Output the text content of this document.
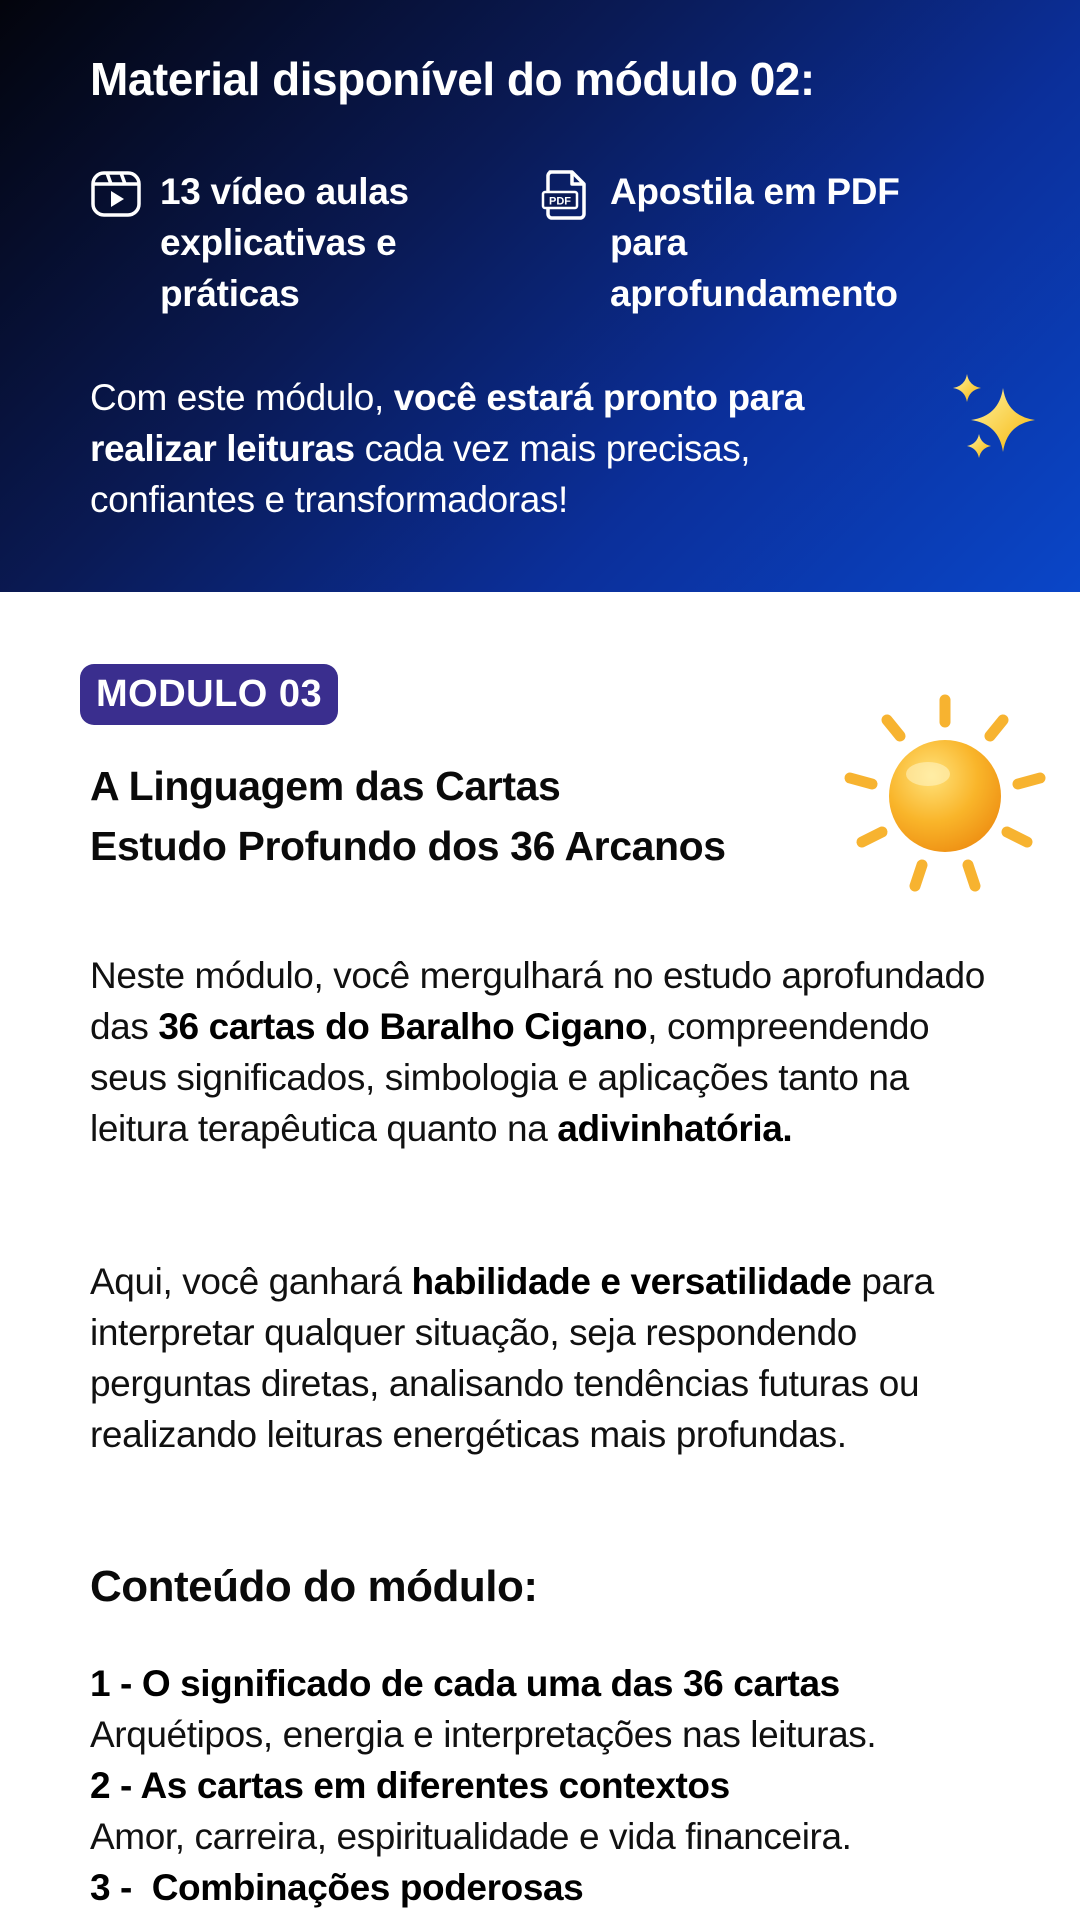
Material disponível do módulo 02:
13 vídeo aulas explicativas e práticas
PDF Apostila em PDF para aprofundamento

Com este módulo, você estará pronto para realizar leituras cada vez mais precisas, confiantes e transformadoras!

MODULO 03
A Linguagem das Cartas
Estudo Profundo dos 36 Arcanos

Neste módulo, você mergulhará no estudo aprofundado das 36 cartas do Baralho Cigano, compreendendo seus significados, simbologia e aplicações tanto na leitura terapêutica quanto na adivinhatória.

Aqui, você ganhará habilidade e versatilidade para interpretar qualquer situação, seja respondendo perguntas diretas, analisando tendências futuras ou realizando leituras energéticas mais profundas.

Conteúdo do módulo:
1 - O significado de cada uma das 36 cartas
Arquétipos, energia e interpretações nas leituras.
2 - As cartas em diferentes contextos
Amor, carreira, espiritualidade e vida financeira.
3 -  Combinações poderosas
